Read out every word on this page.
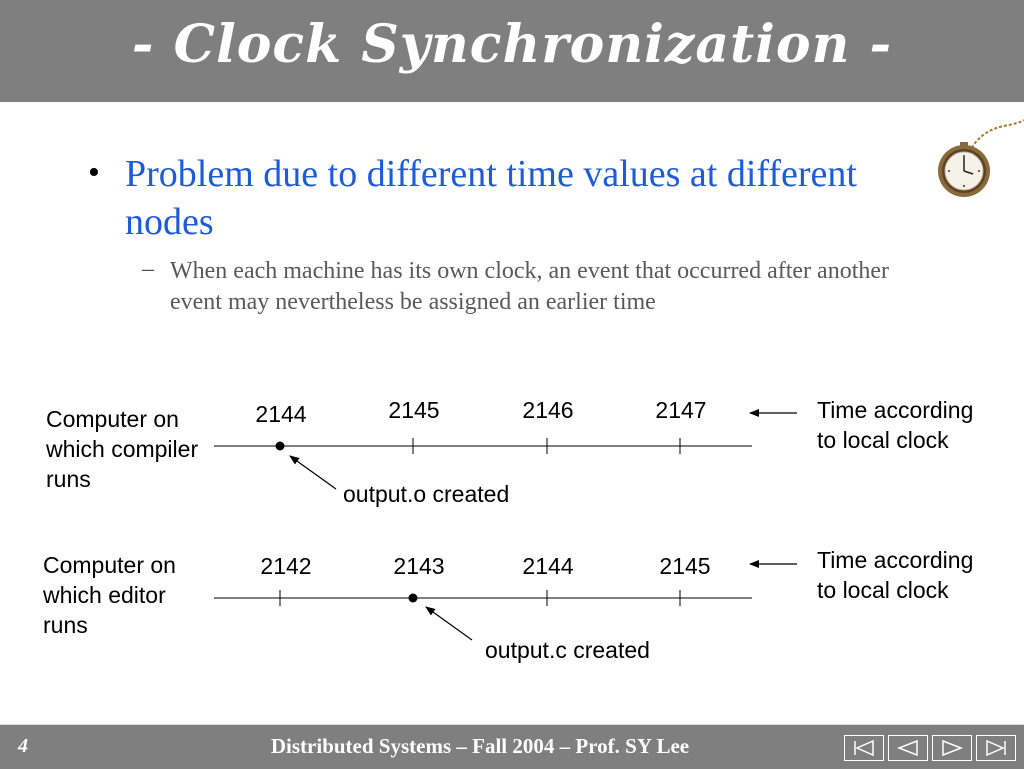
- Clock Synchronization -
• Problem due to different time values at different nodes
– When each machine has its own clock, an event that occurred after another event may nevertheless be assigned an earlier time
Computer on
which compiler
runs
2144	2145	2146	2147
output.o created
Time according
to local clock
Computer on
which editor
runs
2142	2143	2144	2145
output.c created
Time according
to local clock
4	Distributed Systems – Fall 2004 – Prof. SY Lee
